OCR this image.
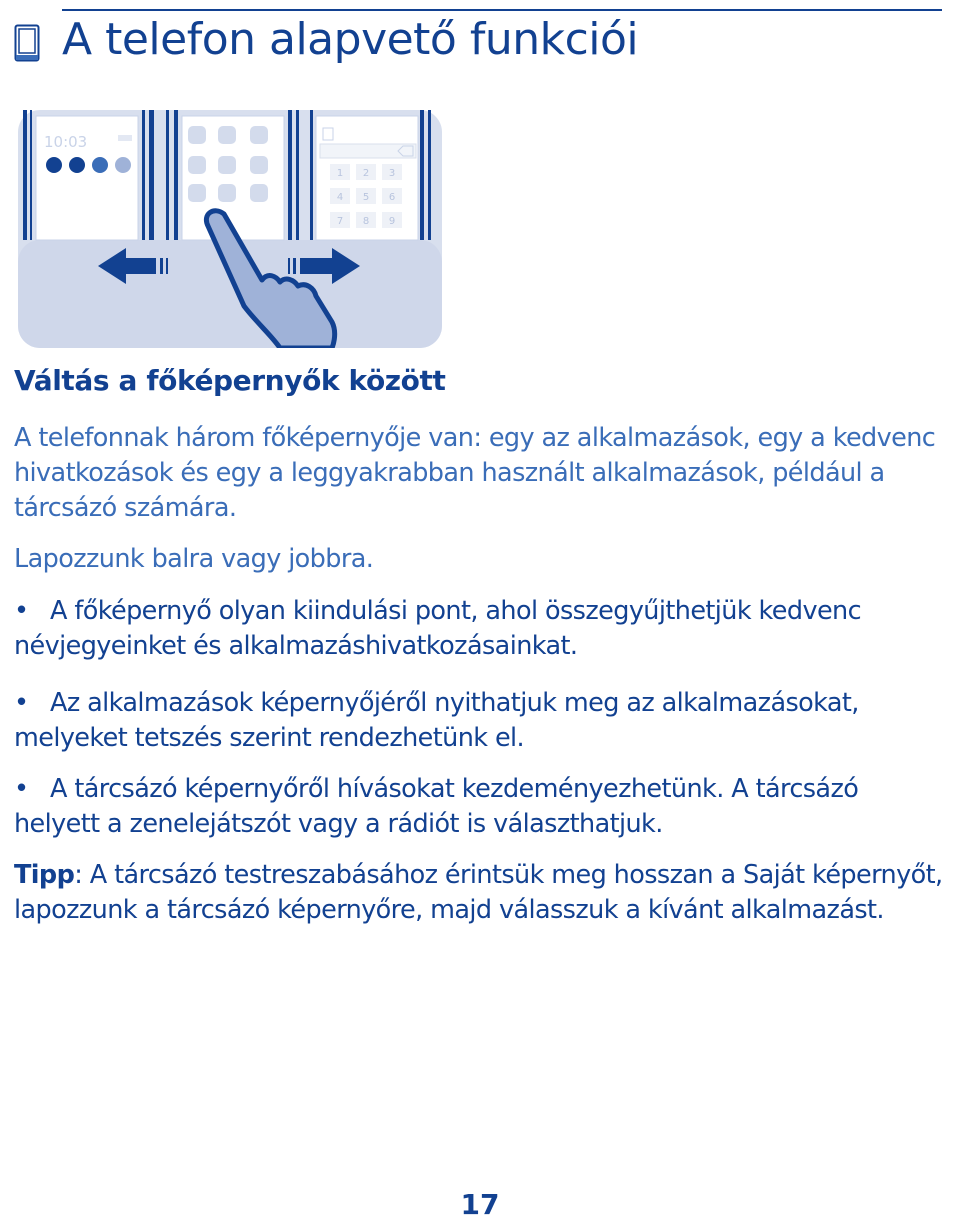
A telefon alapvető funkciói
10:03
1 2 3
4 5 6
7 8 9
Váltás a főképernyők között

A telefonnak három főképernyője van: egy az alkalmazások, egy a kedvenc hivatkozások és egy a leggyakrabban használt alkalmazások, például a tárcsázó számára.

Lapozzunk balra vagy jobbra.

• A főképernyő olyan kiindulási pont, ahol összegyűjthetjük kedvenc névjegyeinket és alkalmazáshivatkozásainkat.

• Az alkalmazások képernyőjéről nyithatjuk meg az alkalmazásokat, melyeket tetszés szerint rendezhetünk el.

• A tárcsázó képernyőről hívásokat kezdeményezhetünk. A tárcsázó helyett a zenelejátszót vagy a rádiót is választhatjuk.

Tipp: A tárcsázó testreszabásához érintsük meg hosszan a Saját képernyőt, lapozzunk a tárcsázó képernyőre, majd válasszuk a kívánt alkalmazást.

17
